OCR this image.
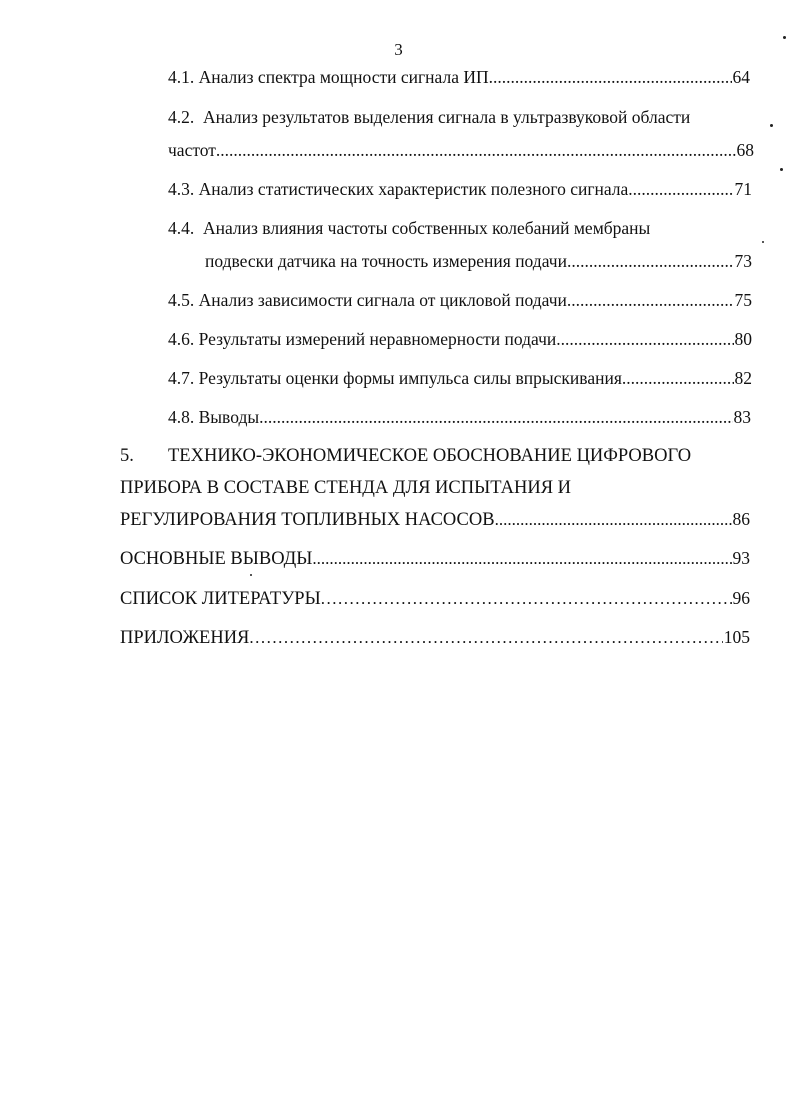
3
4.1.
Анализ спектра мощности сигнала ИП .....	64
4.2. Анализ результатов выделения сигнала в ультразвуковой области
частот .....	68
4.3.
Анализ статистических характеристик полезного сигнала .....	71
4.4. Анализ влияния частоты собственных колебаний мембраны
подвески датчика на точность измерения подачи .....	73
4.5.
Анализ зависимости сигнала от цикловой подачи .....	75
4.6.
Результаты измерений неравномерности подачи .....	80
4.7.
Результаты оценки формы импульса силы впрыскивания .....	82
4.8.
Выводы .....	83
5. ТЕХНИКО-ЭКОНОМИЧЕСКОЕ ОБОСНОВАНИЕ ЦИФРОВОГО
ПРИБОРА В СОСТАВЕ СТЕНДА ДЛЯ ИСПЫТАНИЯ И
РЕГУЛИРОВАНИЯ ТОПЛИВНЫХ НАСОСОВ .....	86
ОСНОВНЫЕ ВЫВОДЫ .....	93
СПИСОК ЛИТЕРАТУРЫ .....	96
ПРИЛОЖЕНИЯ .....	105
